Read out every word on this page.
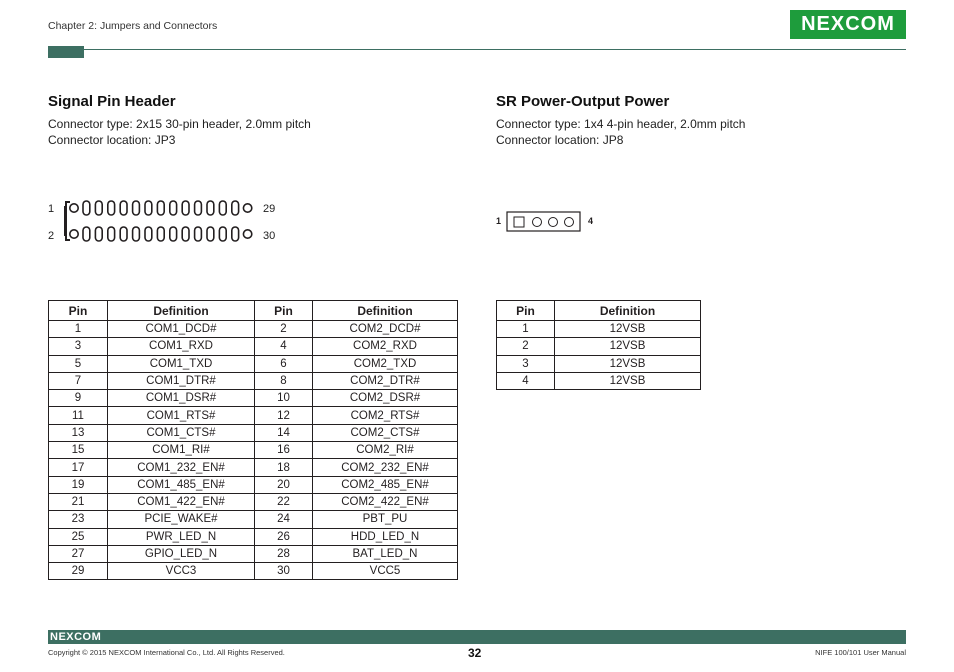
Chapter 2: Jumpers and Connectors	NEXCOM
Signal Pin Header
Connector type: 2x15 30-pin header, 2.0mm pitch
Connector location: JP3
1
2
29
30
SR Power-Output Power
Connector type: 1x4 4-pin header, 2.0mm pitch
Connector location: JP8
1	4
Pin	Definition	Pin	Definition
1	COM1_DCD#	2	COM2_DCD#
3	COM1_RXD	4	COM2_RXD
5	COM1_TXD	6	COM2_TXD
7	COM1_DTR#	8	COM2_DTR#
9	COM1_DSR#	10	COM2_DSR#
11	COM1_RTS#	12	COM2_RTS#
13	COM1_CTS#	14	COM2_CTS#
15	COM1_RI#	16	COM2_RI#
17	COM1_232_EN#	18	COM2_232_EN#
19	COM1_485_EN#	20	COM2_485_EN#
21	COM1_422_EN#	22	COM2_422_EN#
23	PCIE_WAKE#	24	PBT_PU
25	PWR_LED_N	26	HDD_LED_N
27	GPIO_LED_N	28	BAT_LED_N
29	VCC3	30	VCC5
Pin	Definition
1	12VSB
2	12VSB
3	12VSB
4	12VSB
NEXCOM
Copyright © 2015 NEXCOM International Co., Ltd. All Rights Reserved.	32	NIFE 100/101 User Manual
